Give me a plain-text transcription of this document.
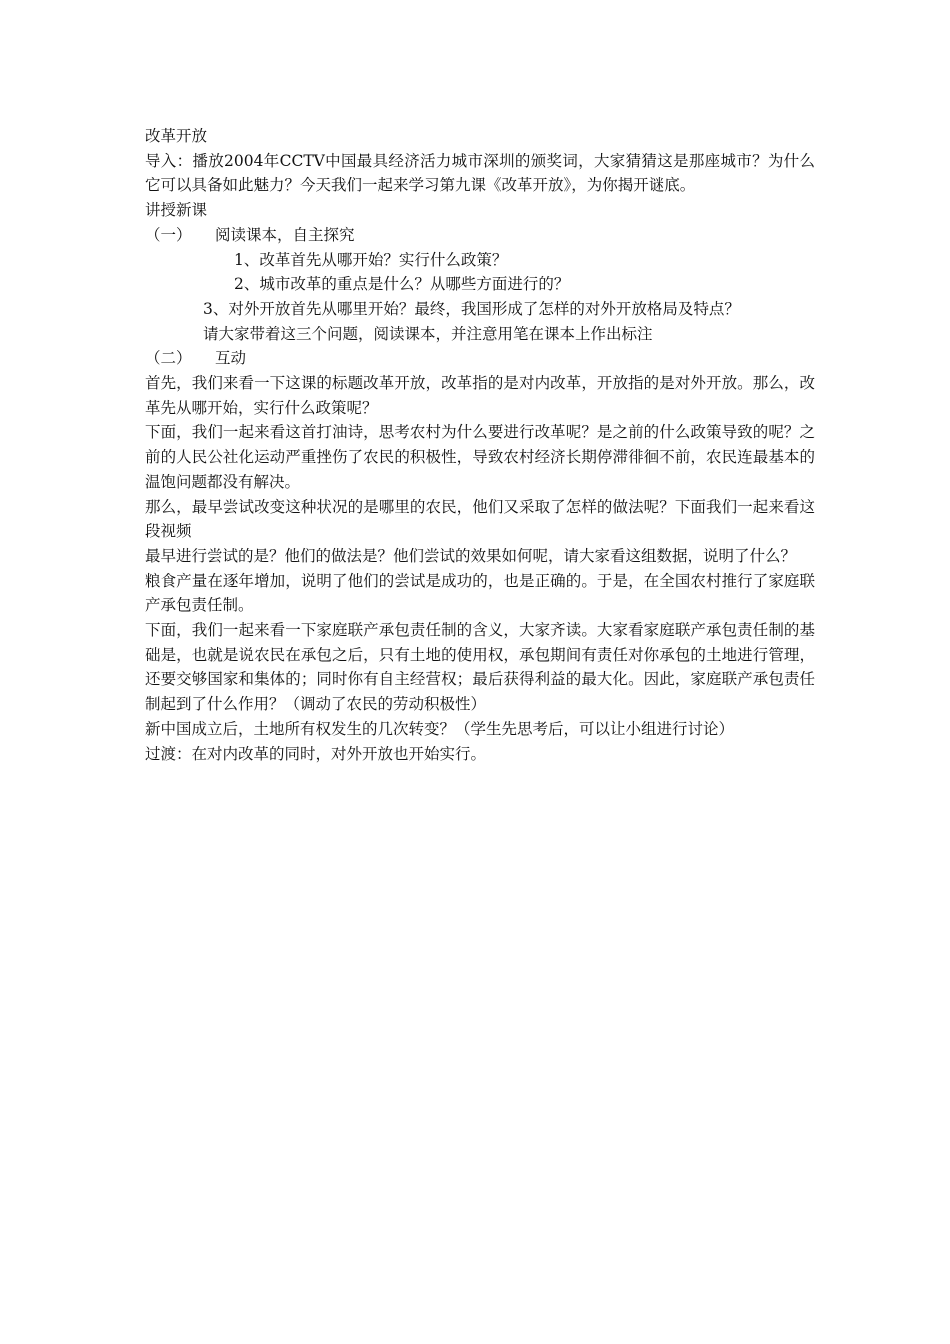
改革开放

导入：播放2004年CCTV中国最具经济活力城市深圳的颁奖词，大家猜猜这是那座城市？为什么它可以具备如此魅力？今天我们一起来学习第九课《改革开放》，为你揭开谜底。

讲授新课

（一） 阅读课本，自主探究

1、改革首先从哪开始？实行什么政策？

2、城市改革的重点是什么？从哪些方面进行的？

3、对外开放首先从哪里开始？最终，我国形成了怎样的对外开放格局及特点？

请大家带着这三个问题，阅读课本，并注意用笔在课本上作出标注

（二） 互动

首先，我们来看一下这课的标题改革开放，改革指的是对内改革，开放指的是对外开放。那么，改革先从哪开始，实行什么政策呢？

下面，我们一起来看这首打油诗，思考农村为什么要进行改革呢？是之前的什么政策导致的呢？之前的人民公社化运动严重挫伤了农民的积极性，导致农村经济长期停滞徘徊不前，农民连最基本的温饱问题都没有解决。

那么，最早尝试改变这种状况的是哪里的农民，他们又采取了怎样的做法呢？下面我们一起来看这段视频

最早进行尝试的是？他们的做法是？他们尝试的效果如何呢，请大家看这组数据，说明了什么？

粮食产量在逐年增加，说明了他们的尝试是成功的，也是正确的。于是，在全国农村推行了家庭联产承包责任制。

下面，我们一起来看一下家庭联产承包责任制的含义，大家齐读。大家看家庭联产承包责任制的基础是，也就是说农民在承包之后，只有土地的使用权，承包期间有责任对你承包的土地进行管理，还要交够国家和集体的；同时你有自主经营权；最后获得利益的最大化。因此，家庭联产承包责任制起到了什么作用？（调动了农民的劳动积极性）

新中国成立后，土地所有权发生的几次转变？（学生先思考后，可以让小组进行讨论）

过渡：在对内改革的同时，对外开放也开始实行。
